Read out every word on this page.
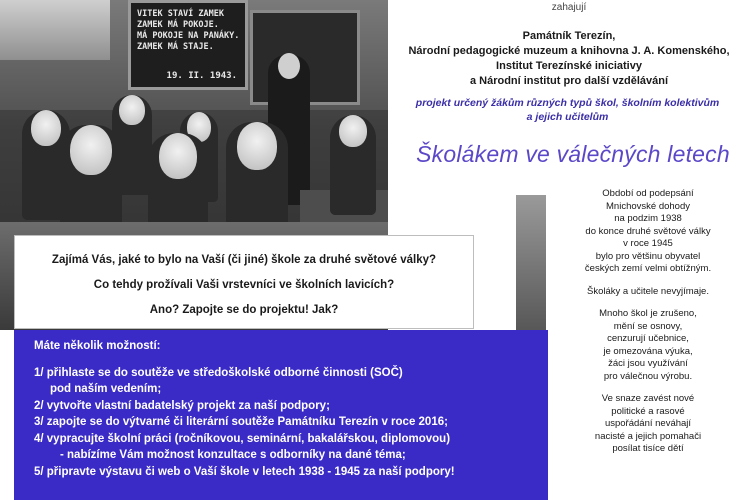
VITEK STAVÍ ZAMEK
ZAMEK MÁ POKOJE.
MÁ POKOJE NA PANÁKY.
ZAMEK MÁ STAJE.
19. II. 1943.
zahajují
Památník Terezín,
Národní pedagogické muzeum a knihovna J. A. Komenského,
Institut Terezínské iniciativy
a Národní institut pro další vzdělávání
projekt určený žákům různých typů škol, školním kolektivům
a jejich učitelům
Školákem ve válečných letech

Období od podepsání
Mnichovské dohody
na podzim 1938
do konce druhé světové války
v roce 1945
bylo pro většinu obyvatel
českých zemí velmi obtížným.

Školáky a učitele nevyjímaje.

Mnoho škol je zrušeno,
mění se osnovy,
cenzurují učebnice,
je omezována výuka,
žáci jsou využívání
pro válečnou výrobu.

Ve snaze zavést nové
politické a rasové
uspořádání neváhají
nacisté a jejich pomahači
posílat tisíce dětí

Zajímá Vás, jaké to bylo na Vaší (či jiné) škole za druhé světové války?
Co tehdy prožívali Vaši vrstevníci ve školních lavicích?
Ano? Zapojte se do projektu! Jak?
Máte několik možností:
1/ přihlaste se do soutěže ve středoškolské odborné činnosti (SOČ)
pod naším vedením;
2/ vytvořte vlastní badatelský projekt za naší podpory;
3/ zapojte se do výtvarné či literární soutěže Památníku Terezín v roce 2016;
4/ vypracujte školní práci (ročníkovou, seminární, bakalářskou, diplomovou)
- nabízíme Vám možnost konzultace s odborníky na dané téma;
5/ připravte výstavu či web o Vaší škole v letech 1938 - 1945 za naší podpory!
